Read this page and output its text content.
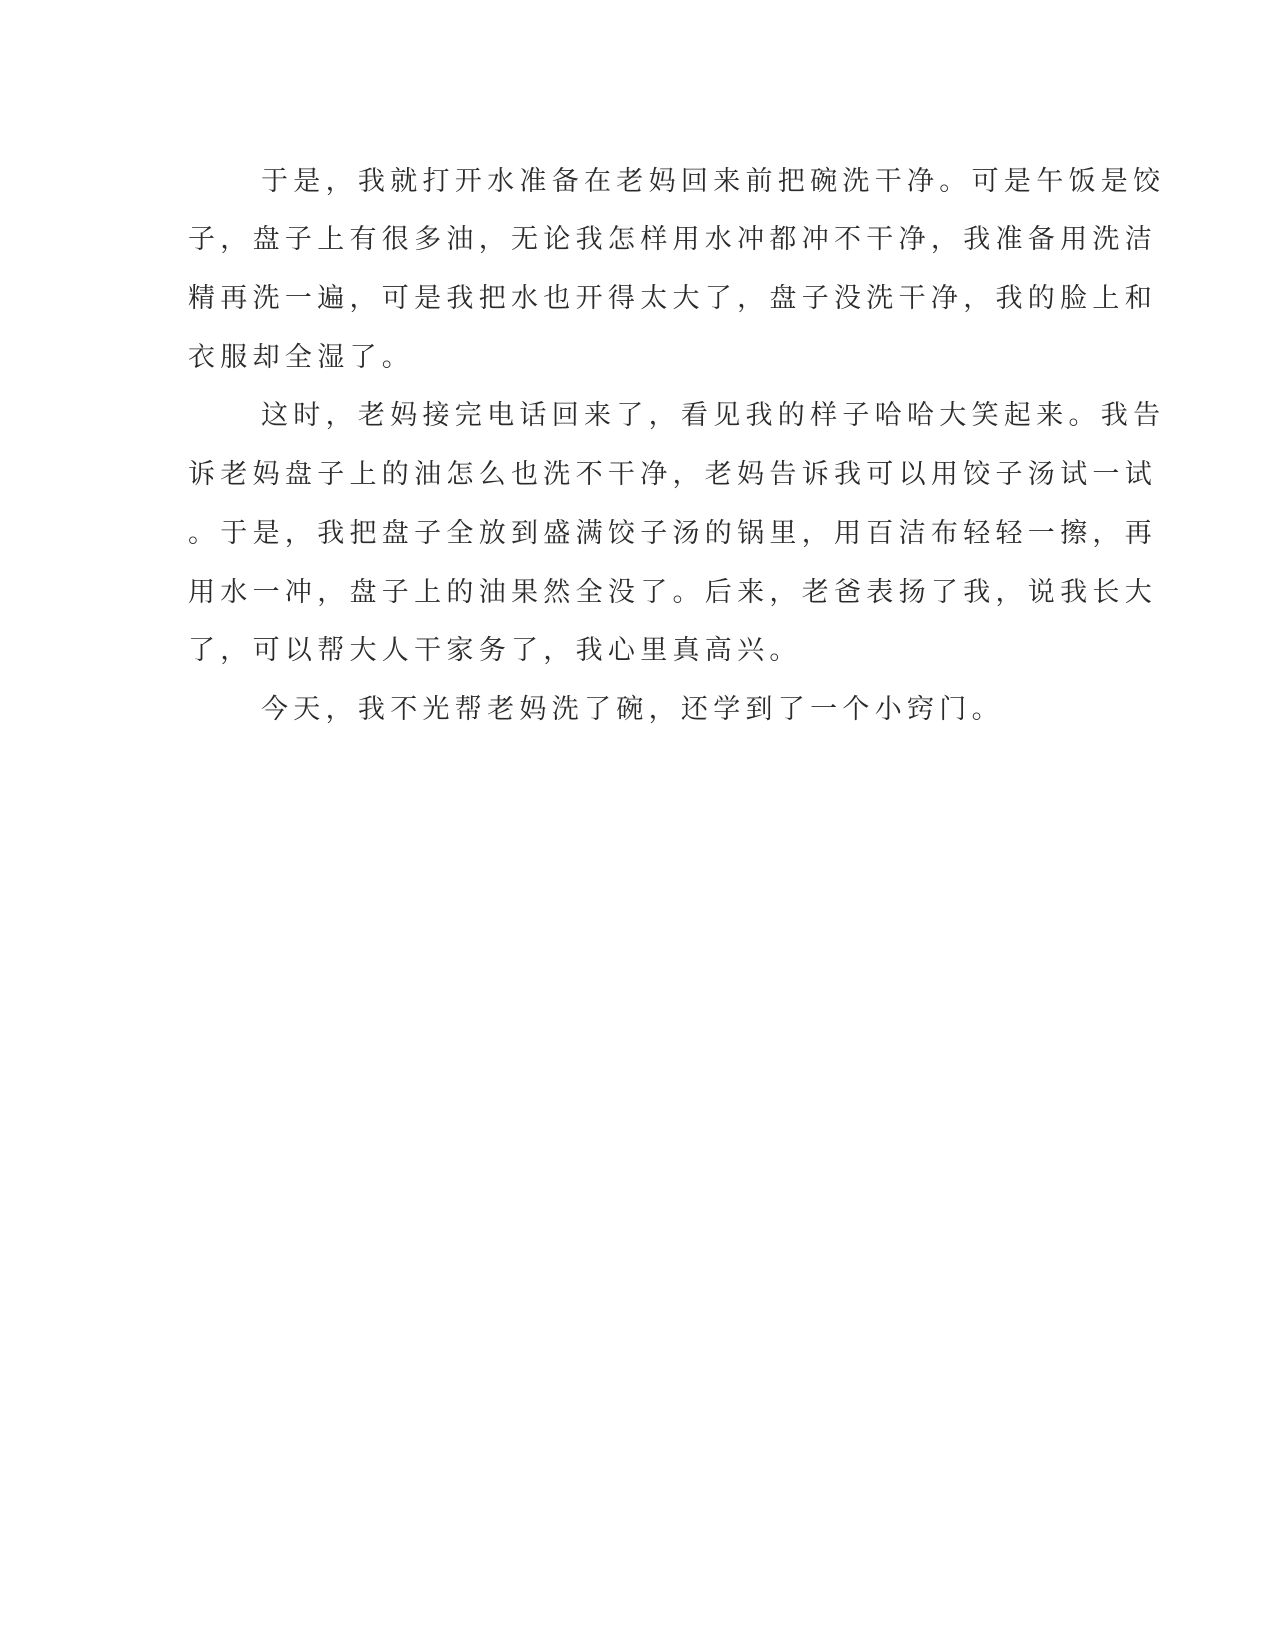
于是，我就打开水准备在老妈回来前把碗洗干净。可是午饭是饺
子，盘子上有很多油，无论我怎样用水冲都冲不干净，我准备用洗洁
精再洗一遍，可是我把水也开得太大了，盘子没洗干净，我的脸上和
衣服却全湿了。
这时，老妈接完电话回来了，看见我的样子哈哈大笑起来。我告
诉老妈盘子上的油怎么也洗不干净，老妈告诉我可以用饺子汤试一试
。于是，我把盘子全放到盛满饺子汤的锅里，用百洁布轻轻一擦，再
用水一冲，盘子上的油果然全没了。后来，老爸表扬了我，说我长大
了，可以帮大人干家务了，我心里真高兴。
今天，我不光帮老妈洗了碗，还学到了一个小窍门。
